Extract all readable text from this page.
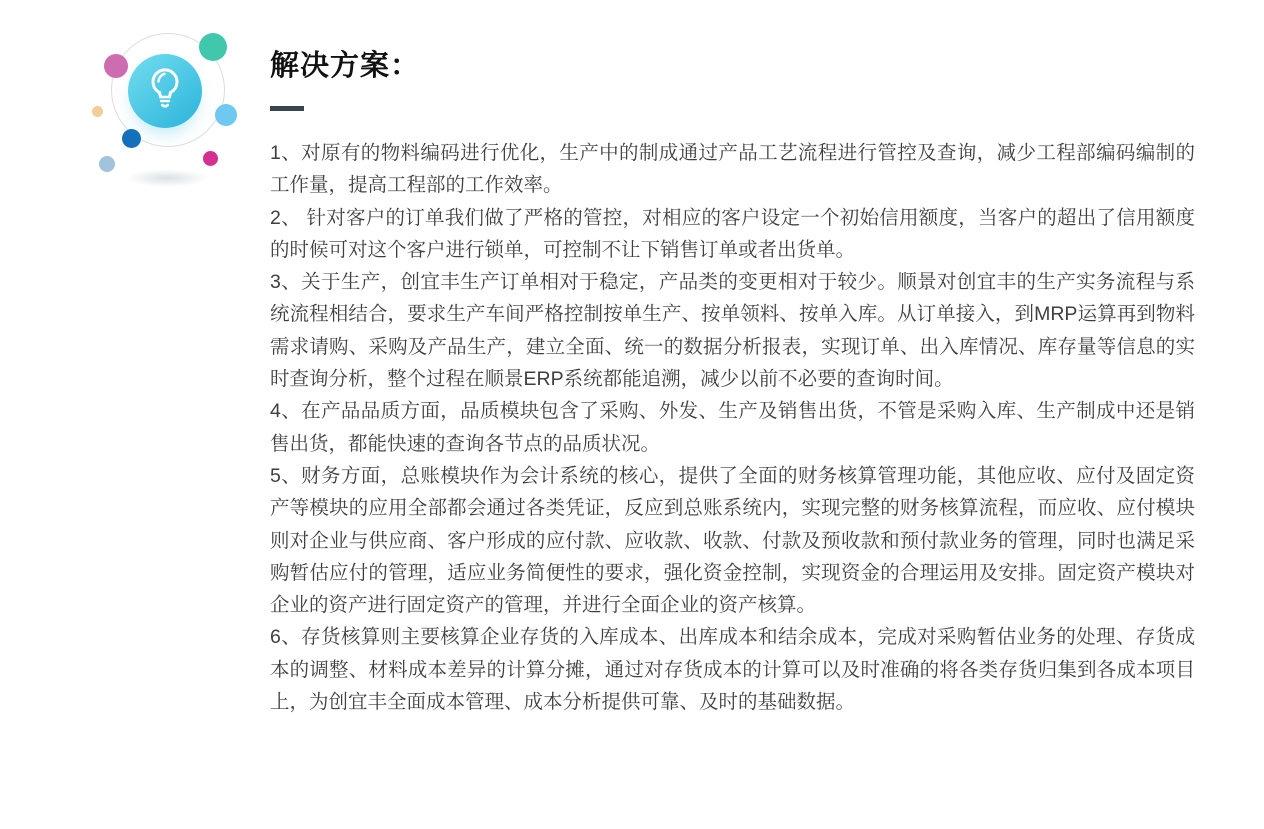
解决方案：

1、对原有的物料编码进行优化，生产中的制成通过产品工艺流程进行管控及查询，减少工程部编码编制的工作量，提高工程部的工作效率。

2、 针对客户的订单我们做了严格的管控，对相应的客户设定一个初始信用额度，当客户的超出了信用额度的时候可对这个客户进行锁单，可控制不让下销售订单或者出货单。

3、关于生产，创宜丰生产订单相对于稳定，产品类的变更相对于较少。顺景对创宜丰的生产实务流程与系统流程相结合，要求生产车间严格控制按单生产、按单领料、按单入库。从订单接入，到MRP运算再到物料需求请购、采购及产品生产，建立全面、统一的数据分析报表，实现订单、出入库情况、库存量等信息的实时查询分析，整个过程在顺景ERP系统都能追溯，减少以前不必要的查询时间。

4、在产品品质方面，品质模块包含了采购、外发、生产及销售出货，不管是采购入库、生产制成中还是销售出货，都能快速的查询各节点的品质状况。

5、财务方面，总账模块作为会计系统的核心，提供了全面的财务核算管理功能，其他应收、应付及固定资产等模块的应用全部都会通过各类凭证，反应到总账系统内，实现完整的财务核算流程，而应收、应付模块则对企业与供应商、客户形成的应付款、应收款、收款、付款及预收款和预付款业务的管理，同时也满足采购暂估应付的管理，适应业务简便性的要求，强化资金控制，实现资金的合理运用及安排。固定资产模块对企业的资产进行固定资产的管理，并进行全面企业的资产核算。

6、存货核算则主要核算企业存货的入库成本、出库成本和结余成本，完成对采购暂估业务的处理、存货成本的调整、材料成本差异的计算分摊，通过对存货成本的计算可以及时准确的将各类存货归集到各成本项目上，为创宜丰全面成本管理、成本分析提供可靠、及时的基础数据。
